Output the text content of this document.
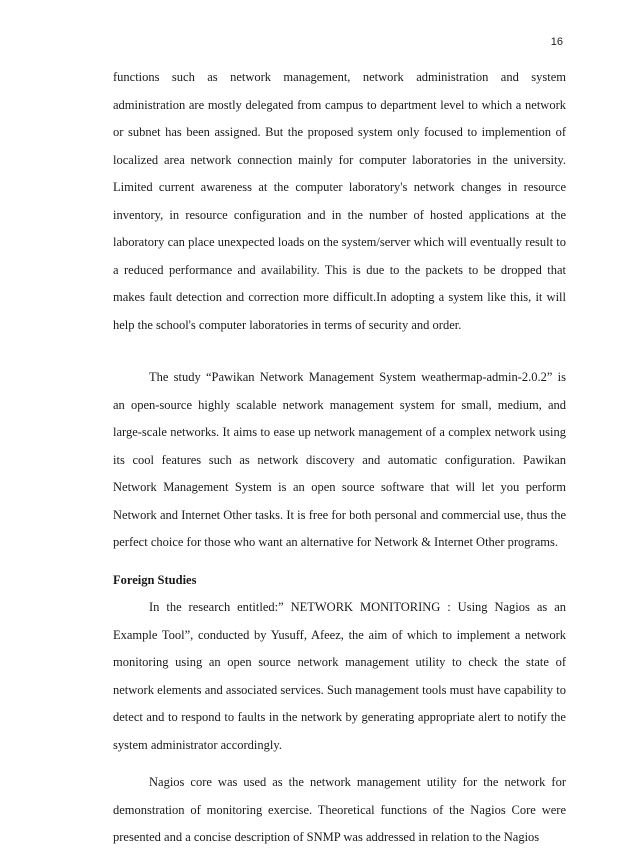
16

functions such as network management, network administration and system administration are mostly delegated from campus to department level to which a network or subnet has been assigned. But the proposed system only focused to implemention of localized area network connection mainly for computer laboratories in the university. Limited current awareness at the computer laboratory's network changes in resource inventory, in resource configuration and in the number of hosted applications at the laboratory can place unexpected loads on the system/server which will eventually result to a reduced performance and availability. This is due to the packets to be dropped that makes fault detection and correction more difficult.In adopting a system like this, it will help the school's computer laboratories in terms of security and order.

The study “Pawikan Network Management System weathermap-admin-2.0.2” is an open-source highly scalable network management system for small, medium, and large-scale networks. It aims to ease up network management of a complex network using its cool features such as network discovery and automatic configuration. Pawikan Network Management System is an open source software that will let you perform Network and Internet Other tasks. It is free for both personal and commercial use, thus the perfect choice for those who want an alternative for Network & Internet Other programs.

Foreign Studies

In the research entitled:” NETWORK MONITORING : Using Nagios as an Example Tool”, conducted by Yusuff, Afeez, the aim of which to implement a network monitoring using an open source network management utility to check the state of network elements and associated services. Such management tools must have capability to detect and to respond to faults in the network by generating appropriate alert to notify the system administrator accordingly.

Nagios core was used as the network management utility for the network for demonstration of monitoring exercise. Theoretical functions of the Nagios Core were presented and a concise description of SNMP was addressed in relation to the Nagios
